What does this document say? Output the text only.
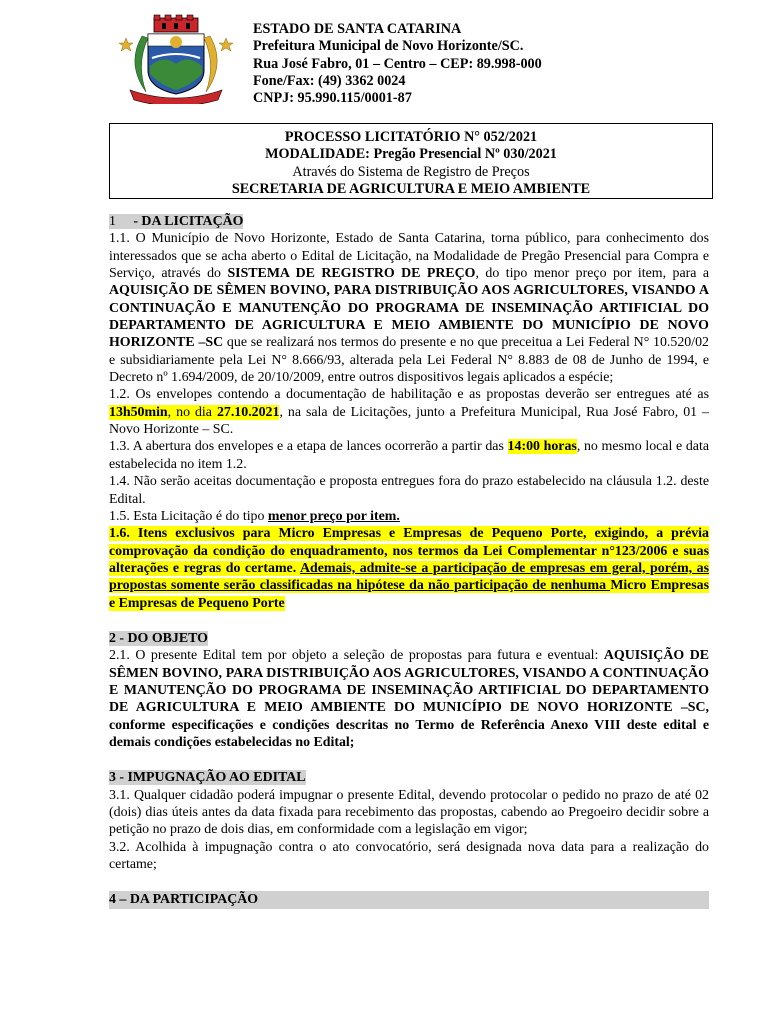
ESTADO DE SANTA CATARINA
Prefeitura Municipal de Novo Horizonte/SC.
Rua José Fabro, 01 – Centro – CEP: 89.998-000
Fone/Fax: (49) 3362 0024
CNPJ: 95.990.115/0001-87
PROCESSO LICITATÓRIO N° 052/2021
MODALIDADE: Pregão Presencial Nº 030/2021
Através do Sistema de Registro de Preços
SECRETARIA DE AGRICULTURA E MEIO AMBIENTE
1 - DA LICITAÇÃO

1.1. O Município de Novo Horizonte, Estado de Santa Catarina, torna público, para conhecimento dos interessados que se acha aberto o Edital de Licitação, na Modalidade de Pregão Presencial para Compra e Serviço, através do SISTEMA DE REGISTRO DE PREÇO, do tipo menor preço por item, para a AQUISIÇÃO DE SÊMEN BOVINO, PARA DISTRIBUIÇÃO AOS AGRICULTORES, VISANDO A CONTINUAÇÃO E MANUTENÇÃO DO PROGRAMA DE INSEMINAÇÃO ARTIFICIAL DO DEPARTAMENTO DE AGRICULTURA E MEIO AMBIENTE DO MUNICÍPIO DE NOVO HORIZONTE –SC que se realizará nos termos do presente e no que preceitua a Lei Federal N° 10.520/02 e subsidiariamente pela Lei N° 8.666/93, alterada pela Lei Federal N° 8.883 de 08 de Junho de 1994, e Decreto nº 1.694/2009, de 20/10/2009, entre outros dispositivos legais aplicados a espécie;

1.2. Os envelopes contendo a documentação de habilitação e as propostas deverão ser entregues até as 13h50min, no dia 27.10.2021, na sala de Licitações, junto a Prefeitura Municipal, Rua José Fabro, 01 – Novo Horizonte – SC.

1.3. A abertura dos envelopes e a etapa de lances ocorrerão a partir das 14:00 horas, no mesmo local e data estabelecida no item 1.2.

1.4. Não serão aceitas documentação e proposta entregues fora do prazo estabelecido na cláusula 1.2. deste Edital.

1.5. Esta Licitação é do tipo menor preço por item.

1.6. Itens exclusivos para Micro Empresas e Empresas de Pequeno Porte, exigindo, a prévia comprovação da condição do enquadramento, nos termos da Lei Complementar n°123/2006 e suas alterações e regras do certame. Ademais, admite-se a participação de empresas em geral, porém, as propostas somente serão classificadas na hipótese da não participação de nenhuma Micro Empresas e Empresas de Pequeno Porte

2 - DO OBJETO

2.1. O presente Edital tem por objeto a seleção de propostas para futura e eventual: AQUISIÇÃO DE SÊMEN BOVINO, PARA DISTRIBUIÇÃO AOS AGRICULTORES, VISANDO A CONTINUAÇÃO E MANUTENÇÃO DO PROGRAMA DE INSEMINAÇÃO ARTIFICIAL DO DEPARTAMENTO DE AGRICULTURA E MEIO AMBIENTE DO MUNICÍPIO DE NOVO HORIZONTE –SC, conforme especificações e condições descritas no Termo de Referência Anexo VIII deste edital e demais condições estabelecidas no Edital;

3 - IMPUGNAÇÃO AO EDITAL

3.1. Qualquer cidadão poderá impugnar o presente Edital, devendo protocolar o pedido no prazo de até 02 (dois) dias úteis antes da data fixada para recebimento das propostas, cabendo ao Pregoeiro decidir sobre a petição no prazo de dois dias, em conformidade com a legislação em vigor;

3.2. Acolhida à impugnação contra o ato convocatório, será designada nova data para a realização do certame;

4 – DA PARTICIPAÇÃO
